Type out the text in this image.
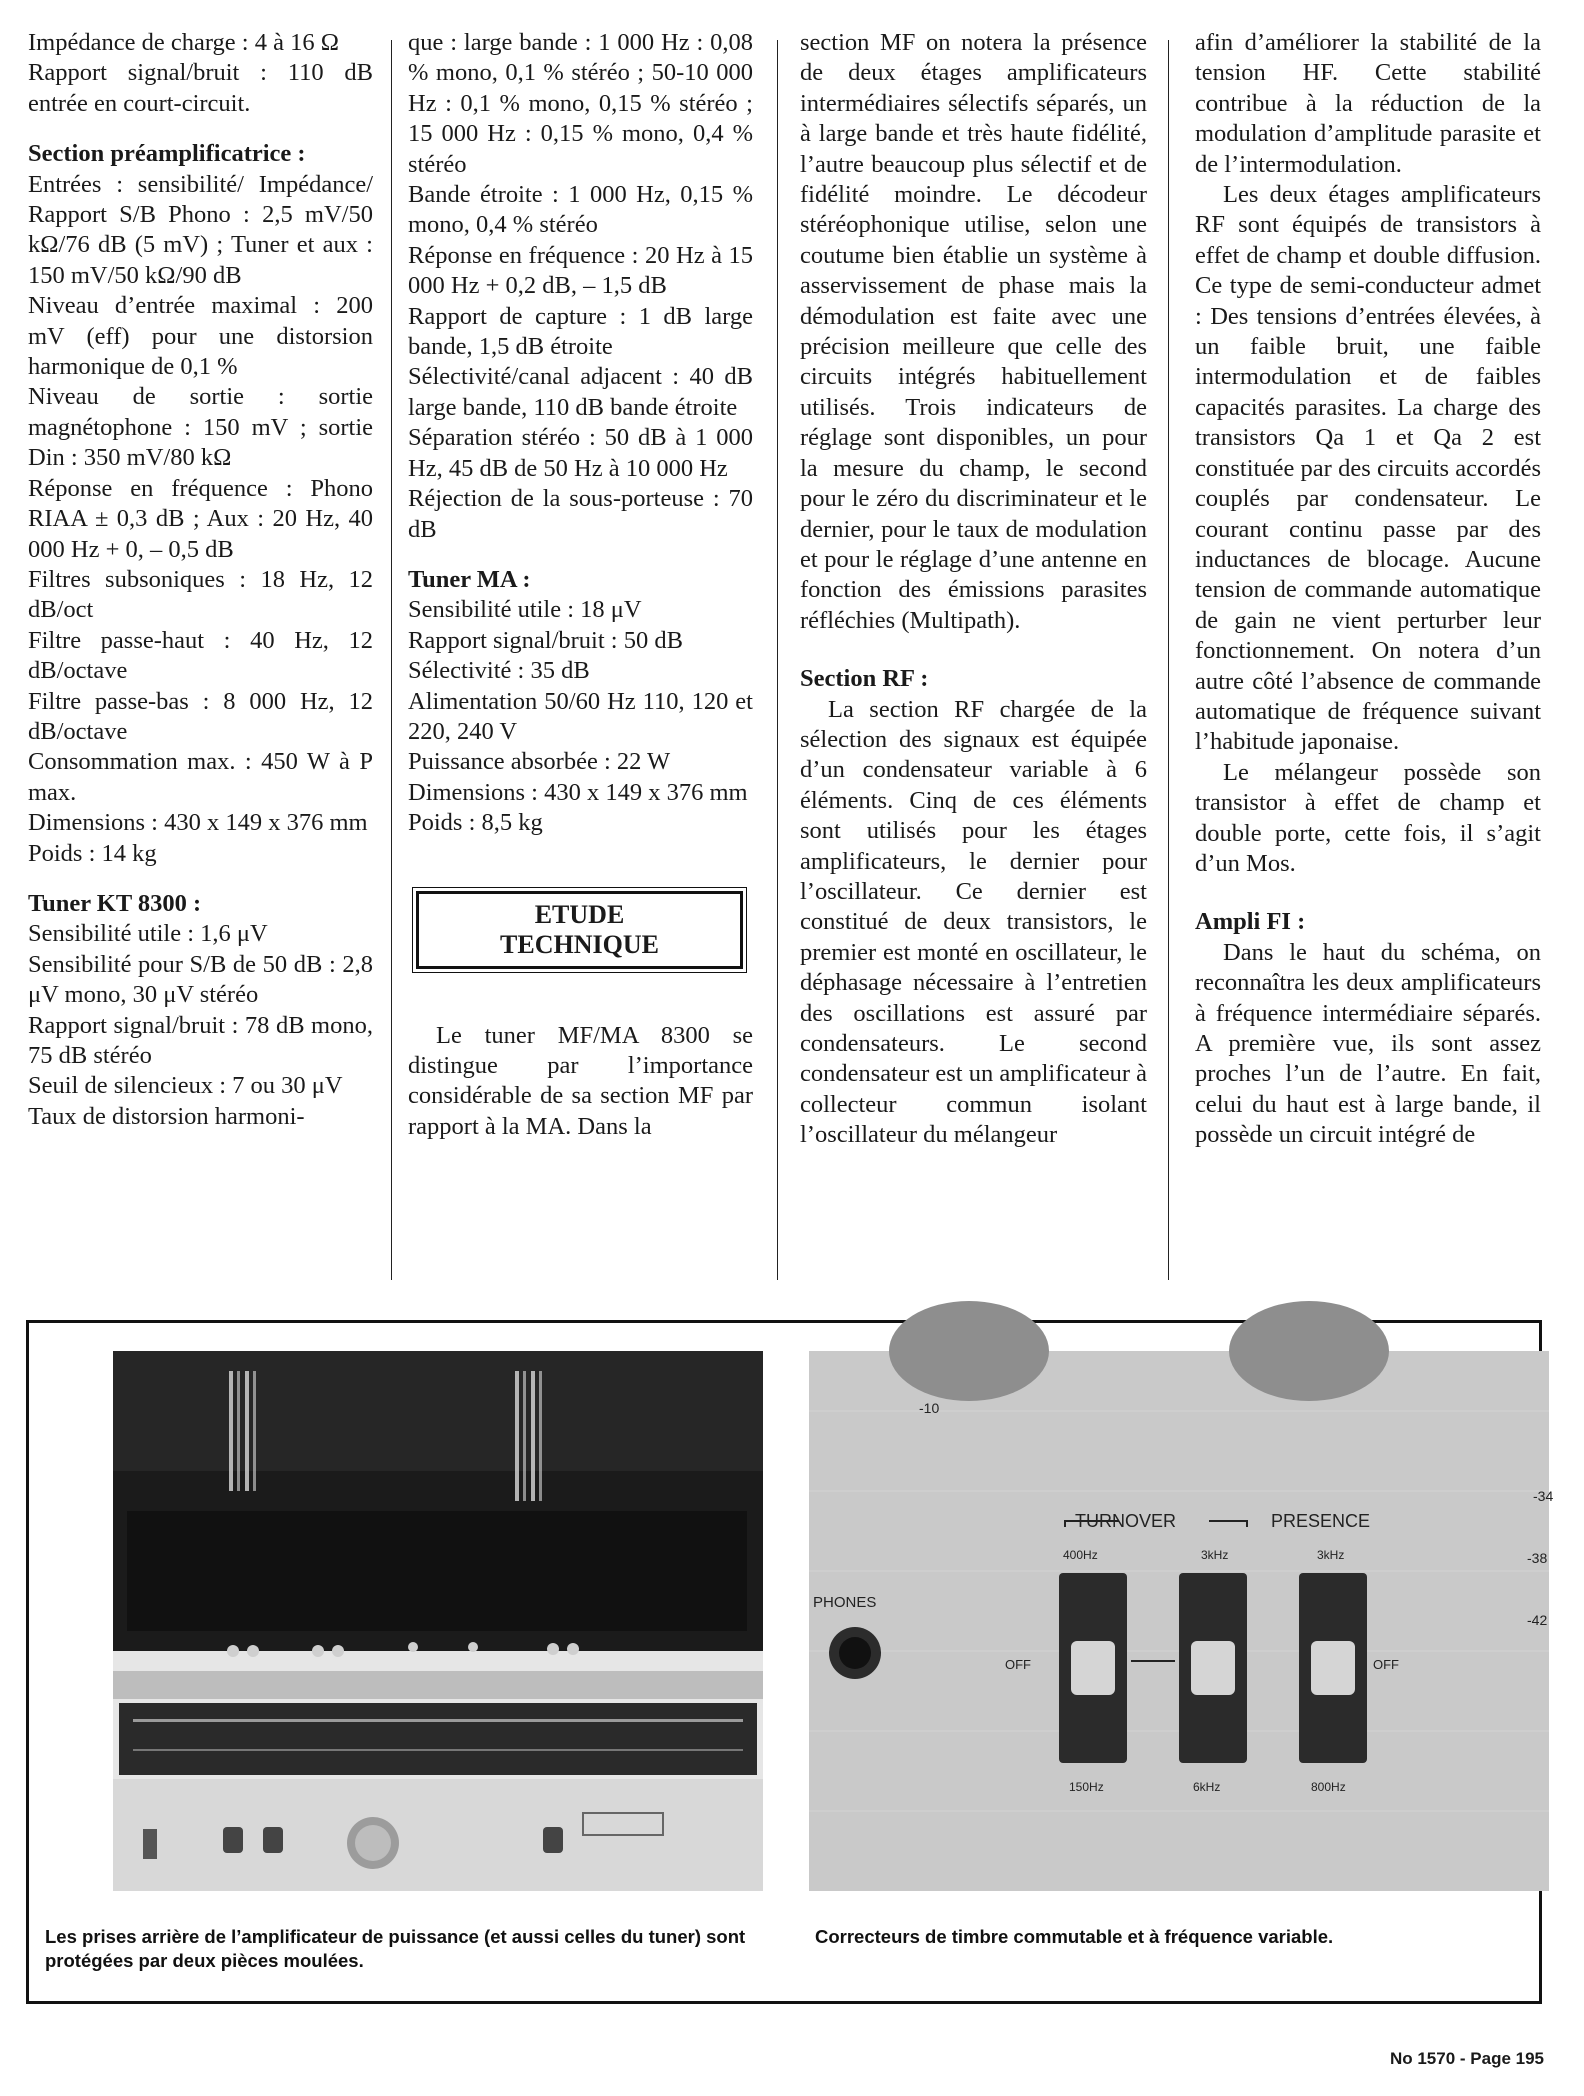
Impédance de charge : 4 à 16 Ω

Rapport signal/bruit : 110 dB entrée en court-circuit.

Section préamplificatrice :

Entrées : sensibilité/ Impédance/ Rapport S/B Phono : 2,5 mV/50 kΩ/76 dB (5 mV) ; Tuner et aux : 150 mV/50 kΩ/90 dB

Niveau d’entrée maximal : 200 mV (eff) pour une distorsion harmonique de 0,1 %

Niveau de sortie : sortie magnétophone : 150 mV ; sortie Din : 350 mV/80 kΩ

Réponse en fréquence : Phono RIAA ± 0,3 dB ; Aux : 20 Hz, 40 000 Hz + 0, – 0,5 dB

Filtres subsoniques : 18 Hz, 12 dB/oct

Filtre passe-haut : 40 Hz, 12 dB/octave

Filtre passe-bas : 8 000 Hz, 12 dB/octave

Consommation max. : 450 W à P max.

Dimensions : 430 x 149 x 376 mm

Poids : 14 kg

Tuner KT 8300 :

Sensibilité utile : 1,6 μV

Sensibilité pour S/B de 50 dB : 2,8 μV mono, 30 μV stéréo

Rapport signal/bruit : 78 dB mono, 75 dB stéréo

Seuil de silencieux : 7 ou 30 μV

Taux de distorsion harmoni-

que : large bande : 1 000 Hz : 0,08 % mono, 0,1 % stéréo ; 50-10 000 Hz : 0,1 % mono, 0,15 % stéréo ; 15 000 Hz : 0,15 % mono, 0,4 % stéréo

Bande étroite : 1 000 Hz, 0,15 % mono, 0,4 % stéréo

Réponse en fréquence : 20 Hz à 15 000 Hz + 0,2 dB, – 1,5 dB

Rapport de capture : 1 dB large bande, 1,5 dB étroite

Sélectivité/canal adjacent : 40 dB large bande, 110 dB bande étroite

Séparation stéréo : 50 dB à 1 000 Hz, 45 dB de 50 Hz à 10 000 Hz

Réjection de la sous-porteuse : 70 dB

Tuner MA :

Sensibilité utile : 18 μV

Rapport signal/bruit : 50 dB

Sélectivité : 35 dB

Alimentation 50/60 Hz 110, 120 et 220, 240 V

Puissance absorbée : 22 W

Dimensions : 430 x 149 x 376 mm

Poids : 8,5 kg

ETUDE
TECHNIQUE

Le tuner MF/MA 8300 se distingue par l’importance considérable de sa section MF par rapport à la MA. Dans la

section MF on notera la présence de deux étages amplificateurs intermédiaires sélectifs séparés, un à large bande et très haute fidélité, l’autre beaucoup plus sélectif et de fidélité moindre. Le décodeur stéréophonique utilise, selon une coutume bien établie un système à asservissement de phase mais la démodulation est faite avec une précision meilleure que celle des circuits intégrés habituellement utilisés. Trois indicateurs de réglage sont disponibles, un pour la mesure du champ, le second pour le zéro du discriminateur et le dernier, pour le taux de modulation et pour le réglage d’une antenne en fonction des émissions parasites réfléchies (Multipath).

Section RF :

La section RF chargée de la sélection des signaux est équipée d’un condensateur variable à 6 éléments. Cinq de ces éléments sont utilisés pour les étages amplificateurs, le dernier pour l’oscillateur. Ce dernier est constitué de deux transistors, le premier est monté en oscillateur, le déphasage nécessaire à l’entretien des oscillations est assuré par condensateurs. Le second condensateur est un amplificateur à collecteur commun isolant l’oscillateur du mélangeur

afin d’améliorer la stabilité de la tension HF. Cette stabilité contribue à la réduction de la modulation d’amplitude parasite et de l’intermodulation.

Les deux étages amplificateurs RF sont équipés de transistors à effet de champ et double diffusion. Ce type de semi-conducteur admet : Des tensions d’entrées élevées, à un faible bruit, une faible intermodulation et de faibles capacités parasites. La charge des transistors Qa 1 et Qa 2 est constituée par des circuits accordés couplés par condensateur. Le courant continu passe par des inductances de blocage. Aucune tension de commande automatique de gain ne vient perturber leur fonctionnement. On notera d’un autre côté l’absence de commande automatique de fréquence suivant l’habitude japonaise.

Le mélangeur possède son transistor à effet de champ et double porte, cette fois, il s’agit d’un Mos.

Ampli FI :

Dans le haut du schéma, on reconnaîtra les deux amplificateurs à fréquence intermédiaire séparés. A première vue, ils sont assez proches l’un de l’autre. En fait, celui du haut est à large bande, il possède un circuit intégré de

-10
-34
-38
-42
TURNOVER	PRESENCE
400Hz	3kHz	3kHz
PHONES
OFF	OFF
150Hz	6kHz	800Hz
Les prises arrière de l’amplificateur de puissance (et aussi celles du tuner) sont protégées par deux pièces moulées.
Correcteurs de timbre commutable et à fréquence variable.
No 1570 - Page 195
